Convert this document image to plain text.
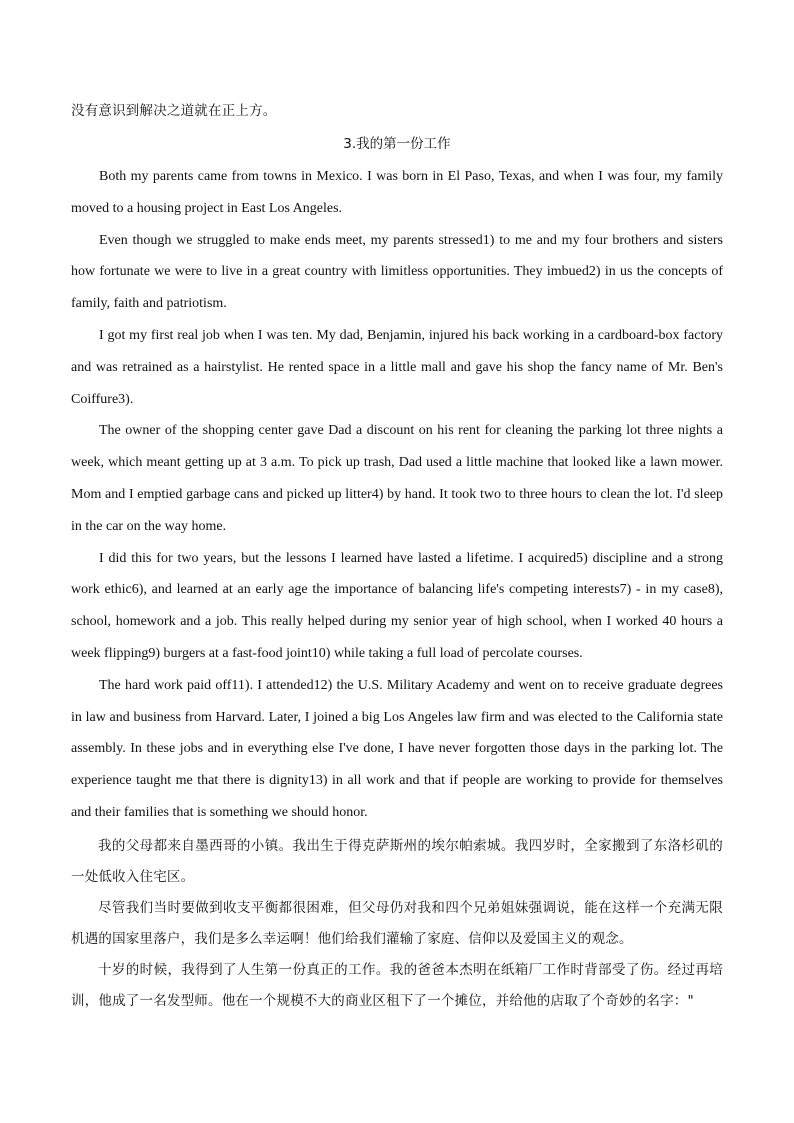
没有意识到解决之道就在正上方。

3.我的第一份工作

Both my parents came from towns in Mexico. I was born in El Paso, Texas, and when I was four, my family moved to a housing project in East Los Angeles.

Even though we struggled to make ends meet, my parents stressed1) to me and my four brothers and sisters how fortunate we were to live in a great country with limitless opportunities. They imbued2) in us the concepts of family, faith and patriotism.

I got my first real job when I was ten. My dad, Benjamin, injured his back working in a cardboard-box factory and was retrained as a hairstylist. He rented space in a little mall and gave his shop the fancy name of Mr. Ben's Coiffure3).

The owner of the shopping center gave Dad a discount on his rent for cleaning the parking lot three nights a week, which meant getting up at 3 a.m. To pick up trash, Dad used a little machine that looked like a lawn mower. Mom and I emptied garbage cans and picked up litter4) by hand. It took two to three hours to clean the lot. I'd sleep in the car on the way home.

I did this for two years, but the lessons I learned have lasted a lifetime. I acquired5) discipline and a strong work ethic6), and learned at an early age the importance of balancing life's competing interests7) - in my case8), school, homework and a job. This really helped during my senior year of high school, when I worked 40 hours a week flipping9) burgers at a fast-food joint10) while taking a full load of percolate courses.

The hard work paid off11). I attended12) the U.S. Military Academy and went on to receive graduate degrees in law and business from Harvard. Later, I joined a big Los Angeles law firm and was elected to the California state assembly. In these jobs and in everything else I've done, I have never forgotten those days in the parking lot. The experience taught me that there is dignity13) in all work and that if people are working to provide for themselves and their families that is something we should honor.

我的父母都来自墨西哥的小镇。我出生于得克萨斯州的埃尔帕索城。我四岁时，全家搬到了东洛杉矶的一处低收入住宅区。

尽管我们当时要做到收支平衡都很困难，但父母仍对我和四个兄弟姐妹强调说，能在这样一个充满无限机遇的国家里落户，我们是多么幸运啊！他们给我们灌输了家庭、信仰以及爱国主义的观念。

十岁的时候，我得到了人生第一份真正的工作。我的爸爸本杰明在纸箱厂工作时背部受了伤。经过再培训，他成了一名发型师。他在一个规模不大的商业区租下了一个摊位，并给他的店取了个奇妙的名字："
